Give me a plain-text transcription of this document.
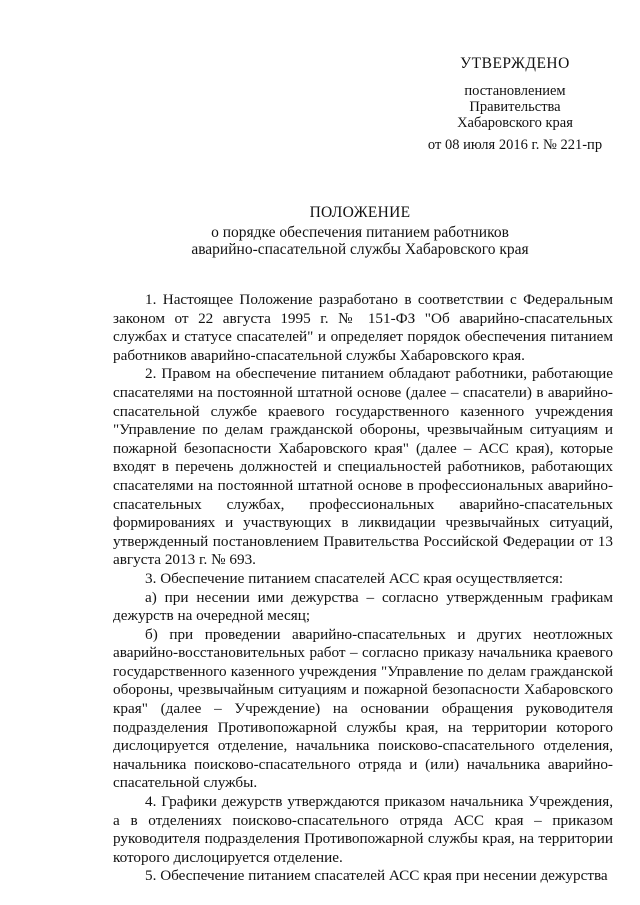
УТВЕРЖДЕНО
постановлением
Правительства
Хабаровского края
от 08 июля 2016 г. № 221-пр
ПОЛОЖЕНИЕ
о порядке обеспечения питанием работников
аварийно-спасательной службы Хабаровского края

1. Настоящее Положение разработано в соответствии с Федеральным законом от 22 августа 1995 г. № 151-ФЗ "Об аварийно-спасательных службах и статусе спасателей" и определяет порядок обеспечения питанием работников аварийно-спасательной службы Хабаровского края.

2. Правом на обеспечение питанием обладают работники, работающие спасателями на постоянной штатной основе (далее – спасатели) в аварийно-спасательной службе краевого государственного казенного учреждения "Управление по делам гражданской обороны, чрезвычайным ситуациям и пожарной безопасности Хабаровского края" (далее – АСС края), которые входят в перечень должностей и специальностей работников, работающих спасателями на постоянной штатной основе в профессиональных аварийно-спасательных службах, профессиональных аварийно-спасательных формированиях и участвующих в ликвидации чрезвычайных ситуаций, утвержденный постановлением Правительства Российской Федерации от 13 августа 2013 г. № 693.

3. Обеспечение питанием спасателей АСС края осуществляется:

а) при несении ими дежурства – согласно утвержденным графикам дежурств на очередной месяц;

б) при проведении аварийно-спасательных и других неотложных аварийно-восстановительных работ – согласно приказу начальника краевого государственного казенного учреждения "Управление по делам гражданской обороны, чрезвычайным ситуациям и пожарной безопасности Хабаровского края" (далее – Учреждение) на основании обращения руководителя подразделения Противопожарной службы края, на территории которого дислоцируется отделение, начальника поисково-спасательного отделения, начальника поисково-спасательного отряда и (или) начальника аварийно-спасательной службы.

4. Графики дежурств утверждаются приказом начальника Учреждения, а в отделениях поисково-спасательного отряда АСС края – приказом руководителя подразделения Противопожарной службы края, на территории которого дислоцируется отделение.

5. Обеспечение питанием спасателей АСС края при несении дежурства
